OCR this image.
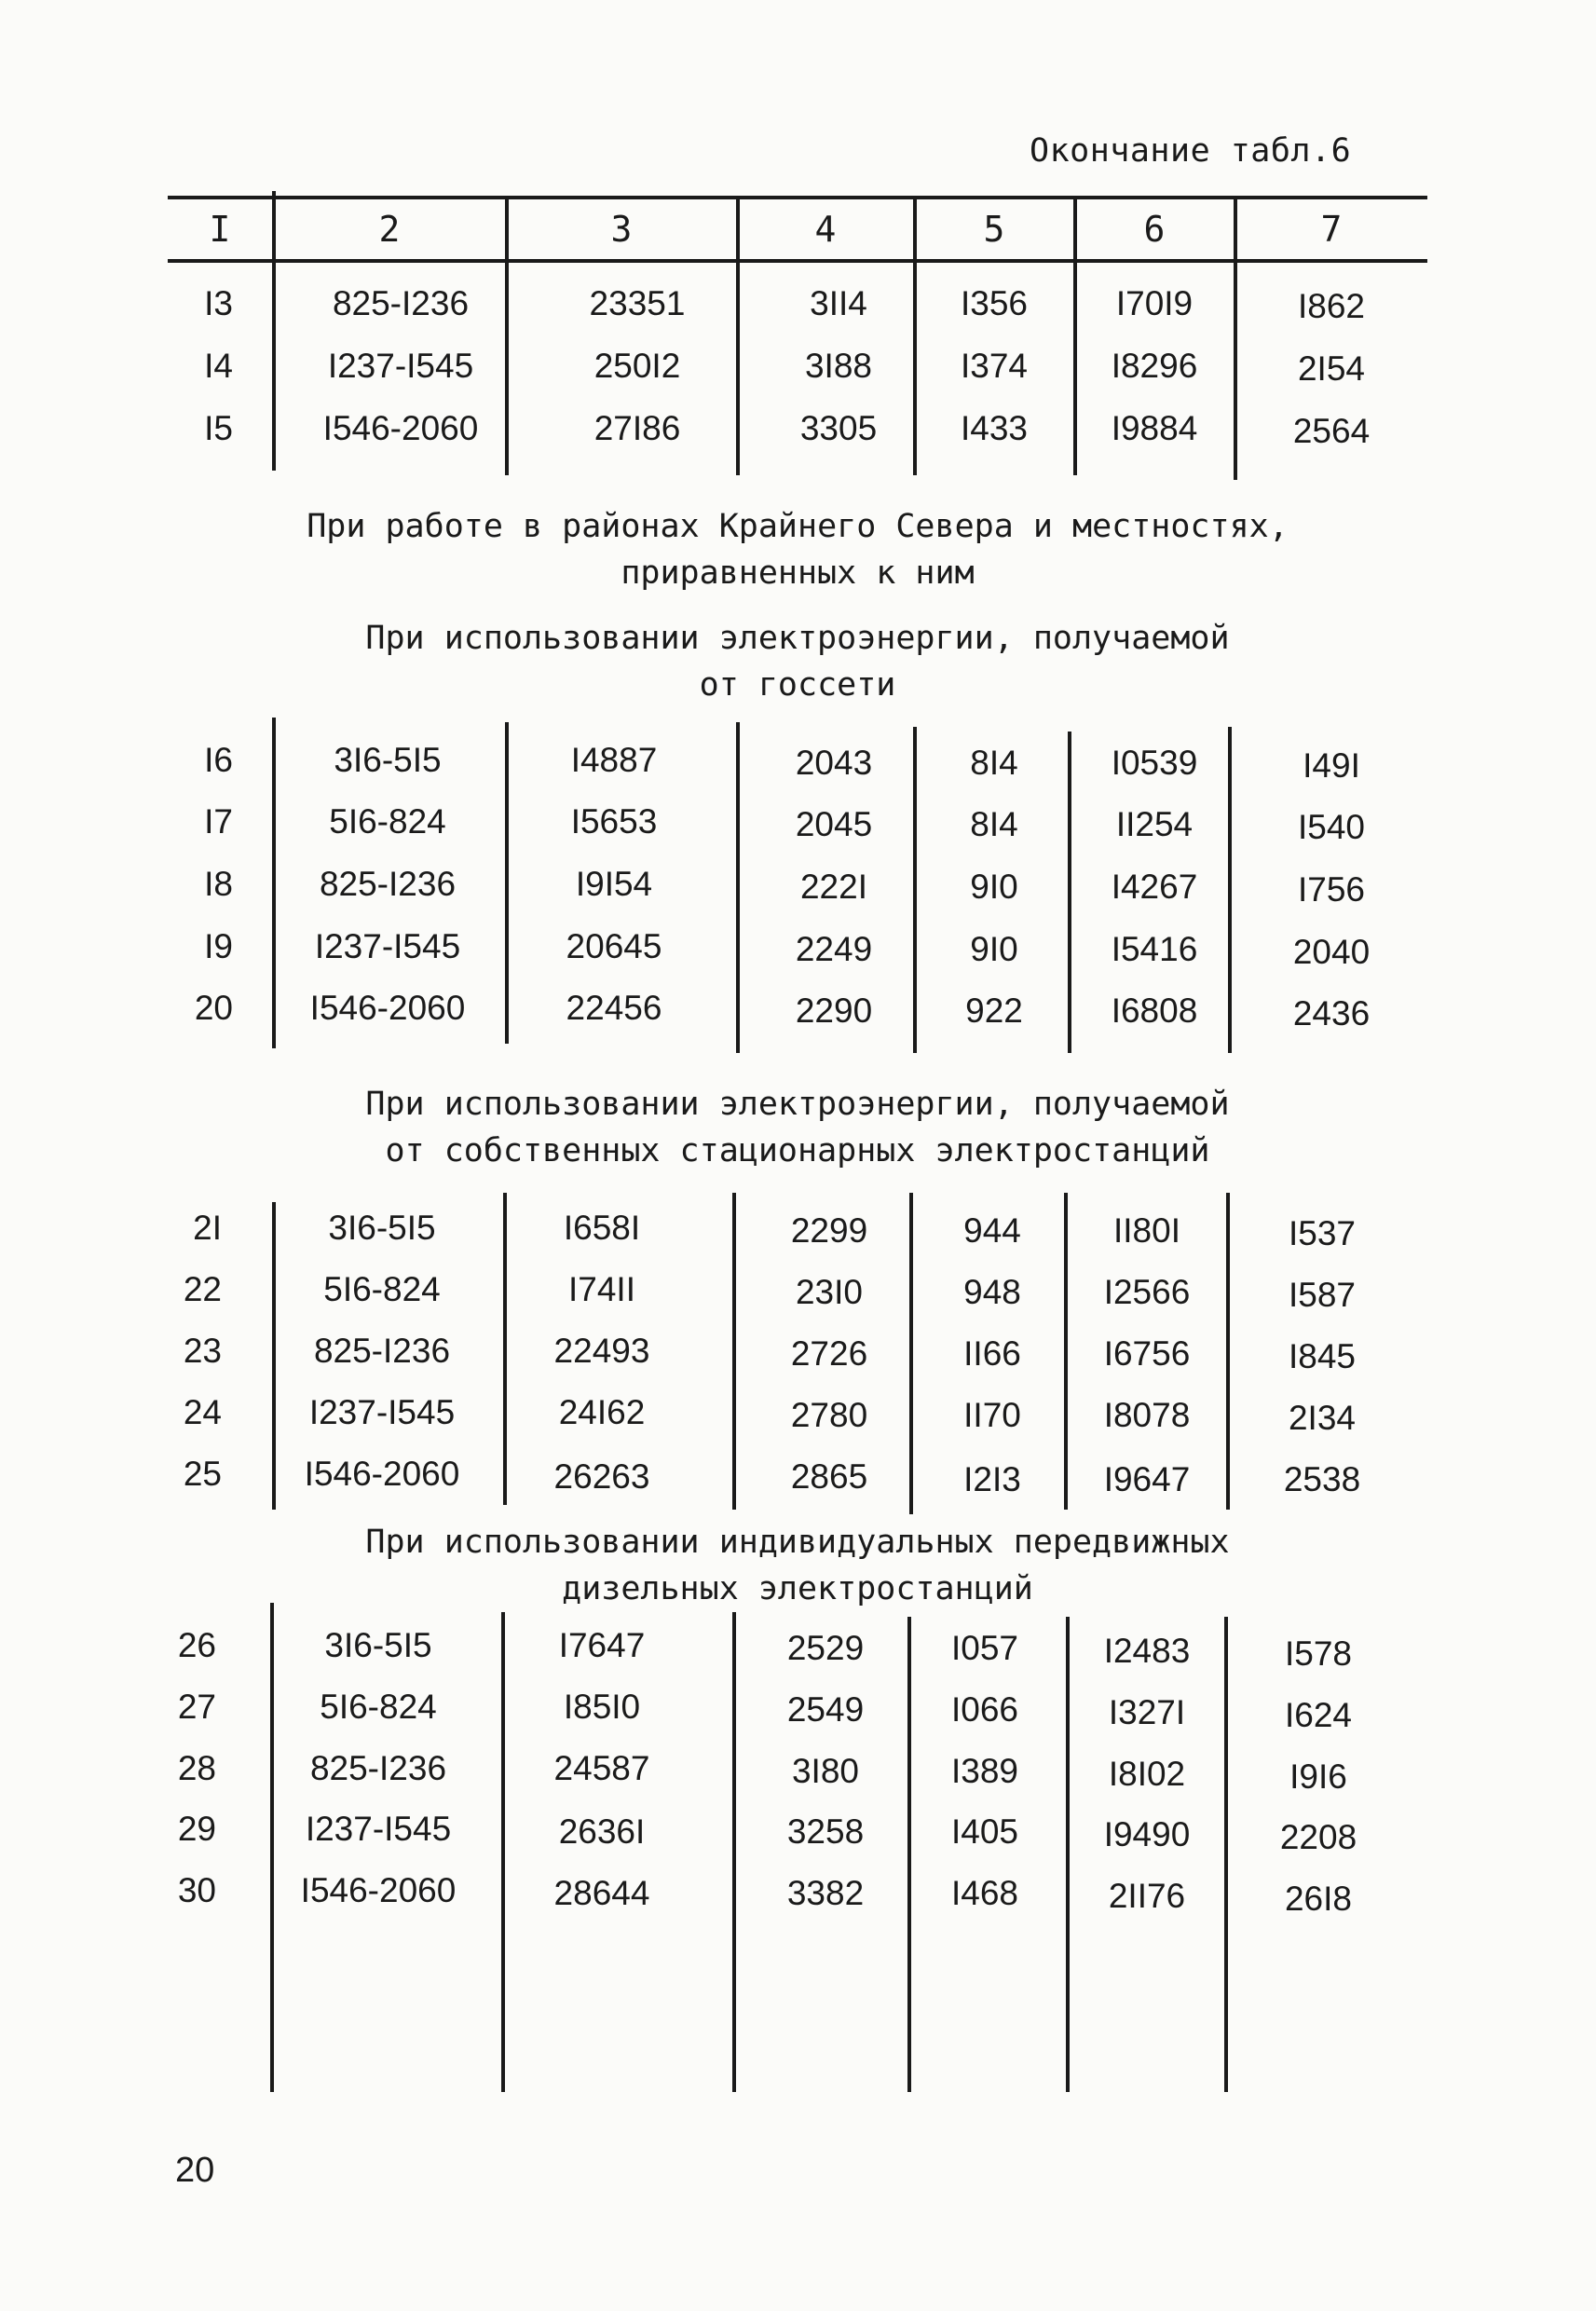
Окончание табл.6
I	2	3	4	5	6	7
I3	825-I236	23351	3II4	I356	I70I9	I862
I4	I237-I545	250I2	3I88	I374	I8296	2I54
I5	I546-2060	27I86	3305	I433	I9884	2564
При работе в районах Крайнего Севера и местностях,
приравненных к ним
При использовании электроэнергии, получаемой
от госсети
I6	3I6-5I5	I4887	2043	8I4	I0539	I49I
I7	5I6-824	I5653	2045	8I4	II254	I540
I8	825-I236	I9I54	222I	9I0	I4267	I756
I9	I237-I545	20645	2249	9I0	I5416	2040
20	I546-2060	22456	2290	922	I6808	2436
При использовании электроэнергии, получаемой
от собственных стационарных электростанций
2I	3I6-5I5	I658I	2299	944	II80I	I537
22	5I6-824	I74II	23I0	948	I2566	I587
23	825-I236	22493	2726	II66	I6756	I845
24	I237-I545	24I62	2780	II70	I8078	2I34
25	I546-2060	26263	2865	I2I3	I9647	2538
При использовании индивидуальных передвижных
дизельных электростанций
26	3I6-5I5	I7647	2529	I057	I2483	I578
27	5I6-824	I85I0	2549	I066	I327I	I624
28	825-I236	24587	3I80	I389	I8I02	I9I6
29	I237-I545	2636I	3258	I405	I9490	2208
30	I546-2060	28644	3382	I468	2II76	26I8
20
